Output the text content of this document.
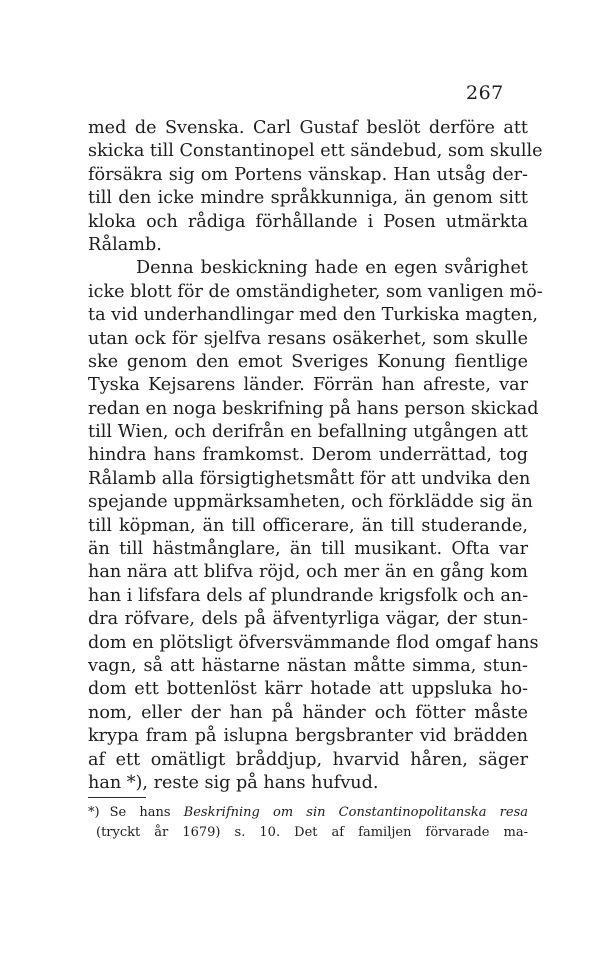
267
med de Svenska. Carl Gustaf beslöt derföre att
skicka till Constantinopel ett sändebud, som skulle
försäkra sig om Portens vänskap. Han utsåg der-
till den icke mindre språkkunniga, än genom sitt
kloka och rådiga förhållande i Posen utmärkta
Rålamb.
Denna beskickning hade en egen svårighet
icke blott för de omständigheter, som vanligen mö-
ta vid underhandlingar med den Turkiska magten,
utan ock för sjelfva resans osäkerhet, som skulle
ske genom den emot Sveriges Konung fientlige
Tyska Kejsarens länder. Förrän han afreste, var
redan en noga beskrifning på hans person skickad
till Wien, och derifrån en befallning utgången att
hindra hans framkomst. Derom underrättad, tog
Rålamb alla försigtighetsmått för att undvika den
spejande uppmärksamheten, och förklädde sig än
till köpman, än till officerare, än till studerande,
än till hästmånglare, än till musikant. Ofta var
han nära att blifva röjd, och mer än en gång kom
han i lifsfara dels af plundrande krigsfolk och an-
dra röfvare, dels på äfventyrliga vägar, der stun-
dom en plötsligt öfversvämmande flod omgaf hans
vagn, så att hästarne nästan måtte simma, stun-
dom ett bottenlöst kärr hotade att uppsluka ho-
nom, eller der han på händer och fötter måste
krypa fram på islupna bergsbranter vid brädden
af ett omätligt bråddjup, hvarvid håren, säger
han *), reste sig på hans hufvud.
*) Se hans Beskrifning om sin Constantinopolitanska resa
(tryckt år 1679) s. 10. Det af familjen förvarade ma-
